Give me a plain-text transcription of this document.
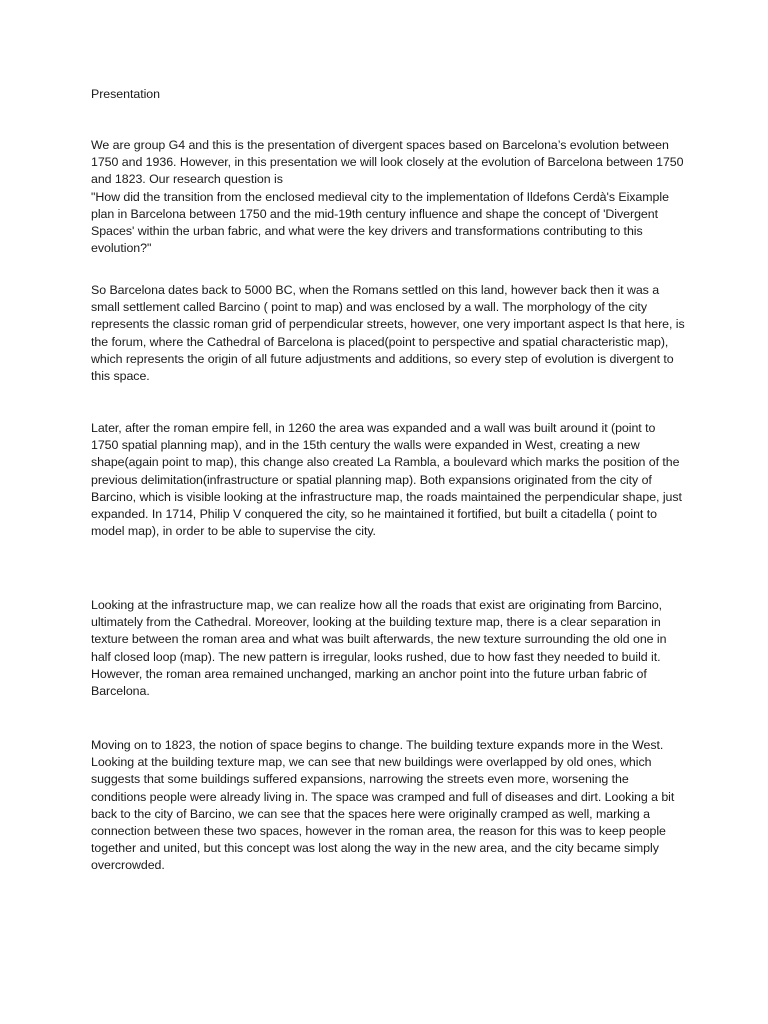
Presentation

We are group G4 and this is the presentation of divergent spaces based on Barcelona’s evolution between 1750 and 1936. However, in this presentation we will look closely at the evolution of Barcelona between 1750 and 1823. Our research question is
"How did the transition from the enclosed medieval city to the implementation of Ildefons Cerdà's Eixample plan in Barcelona between 1750 and the mid-19th century influence and shape the concept of 'Divergent Spaces' within the urban fabric, and what were the key drivers and transformations contributing to this evolution?"

So Barcelona dates back to 5000 BC, when the Romans settled on this land, however back then it was a small settlement called Barcino ( point to map) and was enclosed by a wall. The morphology of the city represents the classic roman grid of perpendicular streets, however, one very important aspect Is that here, is the forum, where the Cathedral of Barcelona is placed(point to perspective and spatial characteristic map), which represents the origin of all future adjustments and additions, so every step of evolution is divergent to this space.

Later, after the roman empire fell, in 1260 the area was expanded and a wall was built around it (point to 1750 spatial planning map), and in the 15th century the walls were expanded in West, creating a new shape(again point to map), this change also created La Rambla, a boulevard which marks the position of the previous delimitation(infrastructure or spatial planning map). Both expansions originated from the city of Barcino, which is visible looking at the infrastructure map, the roads maintained the perpendicular shape, just expanded. In 1714, Philip V conquered the city, so he maintained it fortified, but built a citadella ( point to model map), in order to be able to supervise the city.

Looking at the infrastructure map, we can realize how all the roads that exist are originating from Barcino, ultimately from the Cathedral. Moreover, looking at the building texture map, there is a clear separation in texture between the roman area and what was built afterwards, the new texture surrounding the old one in half closed loop (map). The new pattern is irregular, looks rushed, due to how fast they needed to build it. However, the roman area remained unchanged, marking an anchor point into the future urban fabric of Barcelona.

Moving on to 1823, the notion of space begins to change. The building texture expands more in the West. Looking at the building texture map, we can see that new buildings were overlapped by old ones, which suggests that some buildings suffered expansions, narrowing the streets even more, worsening the conditions people were already living in. The space was cramped and full of diseases and dirt. Looking a bit back to the city of Barcino, we can see that the spaces here were originally cramped as well, marking a connection between these two spaces, however in the roman area, the reason for this was to keep people together and united, but this concept was lost along the way in the new area, and the city became simply overcrowded.
